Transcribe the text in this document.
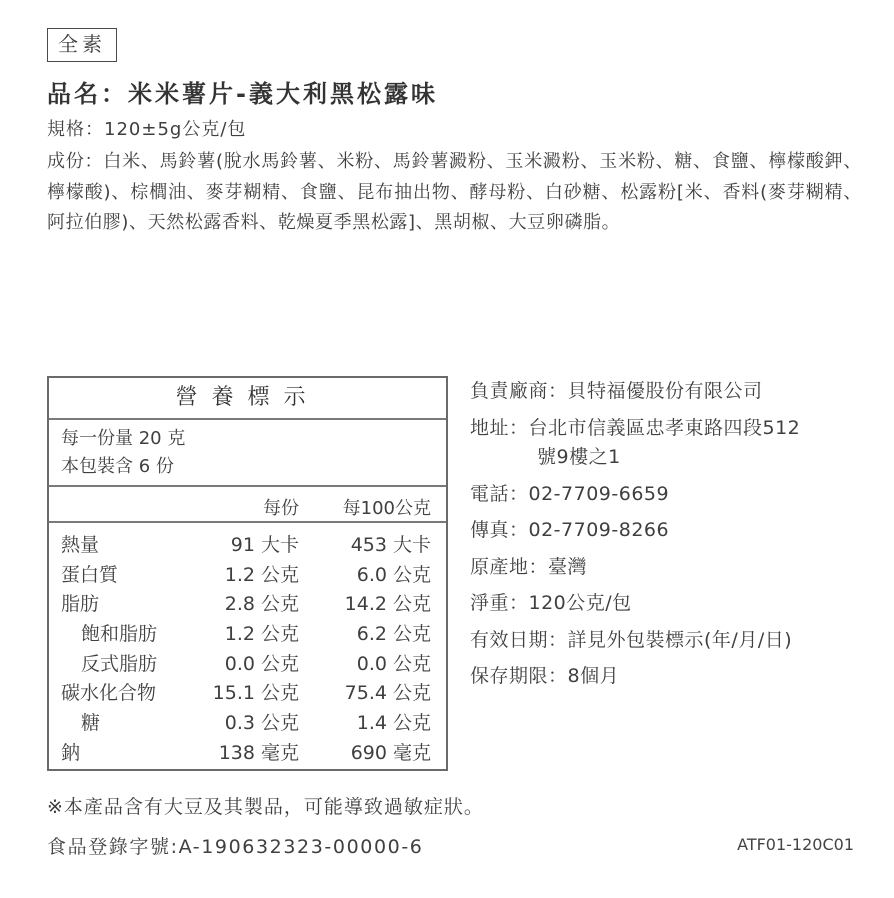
全素
品名：米米薯片-義大利黑松露味
規格：120±5g公克/包

成份：白米、馬鈴薯(脫水馬鈴薯、米粉、馬鈴薯澱粉、玉米澱粉、玉米粉、糖、食鹽、檸檬酸鉀、檸檬酸)、棕櫚油、麥芽糊精、食鹽、昆布抽出物、酵母粉、白砂糖、松露粉[米、香料(麥芽糊精、阿拉伯膠)、天然松露香料、乾燥夏季黑松露]、黑胡椒、大豆卵磷脂。

營養標示
每一份量 20 克
本包裝含 6 份
每份 每100公克
熱量	91 大卡	453 大卡
蛋白質	1.2 公克	6.0 公克
脂肪	2.8 公克 14.2 公克
飽和脂肪	1.2 公克	6.2 公克
反式脂肪	0.0 公克	0.0 公克
碳水化合物	15.1 公克 75.4 公克
糖	0.3 公克	1.4 公克
鈉	138 毫克	690 毫克
負責廠商：貝特福優股份有限公司
地址：台北市信義區忠孝東路四段512
號9樓之1
電話：02-7709-6659
傳真：02-7709-8266
原產地：臺灣
淨重：120公克/包
有效日期：詳見外包裝標示(年/月/日)
保存期限：8個月
※本產品含有大豆及其製品，可能導致過敏症狀。
食品登錄字號:A-190632323-00000-6	ATF01-120C01
